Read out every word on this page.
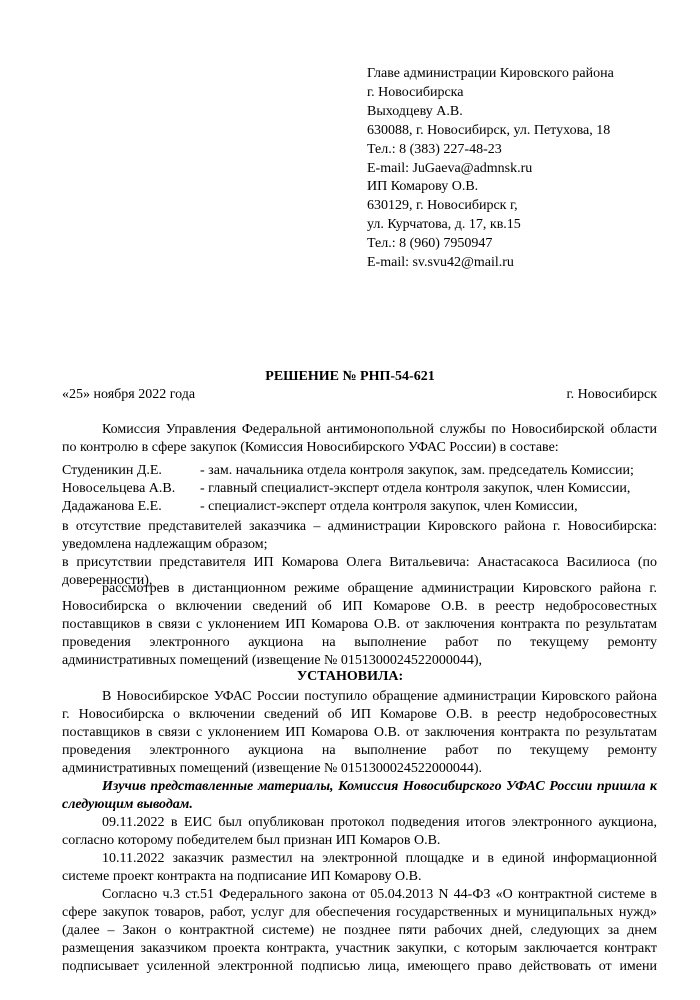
Главе администрации Кировского района
г. Новосибирска
Выходцеву А.В.
630088, г. Новосибирск, ул. Петухова, 18
Тел.: 8 (383) 227-48-23
E-mail: JuGaeva@admnsk.ru
ИП Комарову О.В.
630129, г. Новосибирск г,
ул. Курчатова, д. 17, кв.15
Тел.: 8 (960) 7950947
E-mail: sv.svu42@mail.ru
РЕШЕНИЕ № РНП-54-621
«25» ноября 2022 года	г. Новосибирск
Комиссия Управления Федеральной антимонопольной службы по Новосибирской области
по контролю в сфере закупок (Комиссия Новосибирского УФАС России) в составе:
Студеникин Д.Е.	- зам. начальника отдела контроля закупок, зам. председатель Комиссии;
Новосельцева А.В.	- главный специалист-эксперт отдела контроля закупок, член Комиссии,
Дадажанова Е.Е.	- специалист-эксперт отдела контроля закупок, член Комиссии,
в отсутствие представителей заказчика – администрации Кировского района г. Новосибирска:
уведомлена надлежащим образом;
в присутствии представителя ИП Комарова Олега Витальевича: Анастасакоса Василиоса (по
доверенности),
рассмотрев в дистанционном режиме обращение администрации Кировского района г.
Новосибирска о включении сведений об ИП Комарове О.В. в реестр недобросовестных
поставщиков в связи с уклонением ИП Комарова О.В. от заключения контракта по результатам
проведения электронного аукциона на выполнение работ по текущему ремонту
административных помещений (извещение № 0151300024522000044),
УСТАНОВИЛА:
В Новосибирское УФАС России поступило обращение администрации Кировского района
г. Новосибирска о включении сведений об ИП Комарове О.В. в реестр недобросовестных
поставщиков в связи с уклонением ИП Комарова О.В. от заключения контракта по результатам
проведения электронного аукциона на выполнение работ по текущему ремонту
административных помещений (извещение № 0151300024522000044).
Изучив представленные материалы, Комиссия Новосибирского УФАС России пришла к
следующим выводам.
09.11.2022 в ЕИС был опубликован протокол подведения итогов электронного аукциона,
согласно которому победителем был признан ИП Комаров О.В.
10.11.2022 заказчик разместил на электронной площадке и в единой информационной
системе проект контракта на подписание ИП Комарову О.В.
Согласно ч.3 ст.51 Федерального закона от 05.04.2013 N 44-ФЗ «О контрактной системе в
сфере закупок товаров, работ, услуг для обеспечения государственных и муниципальных нужд»
(далее – Закон о контрактной системе) не позднее пяти рабочих дней, следующих за днем
размещения заказчиком проекта контракта, участник закупки, с которым заключается контракт
подписывает усиленной электронной подписью лица, имеющего право действовать от имени
